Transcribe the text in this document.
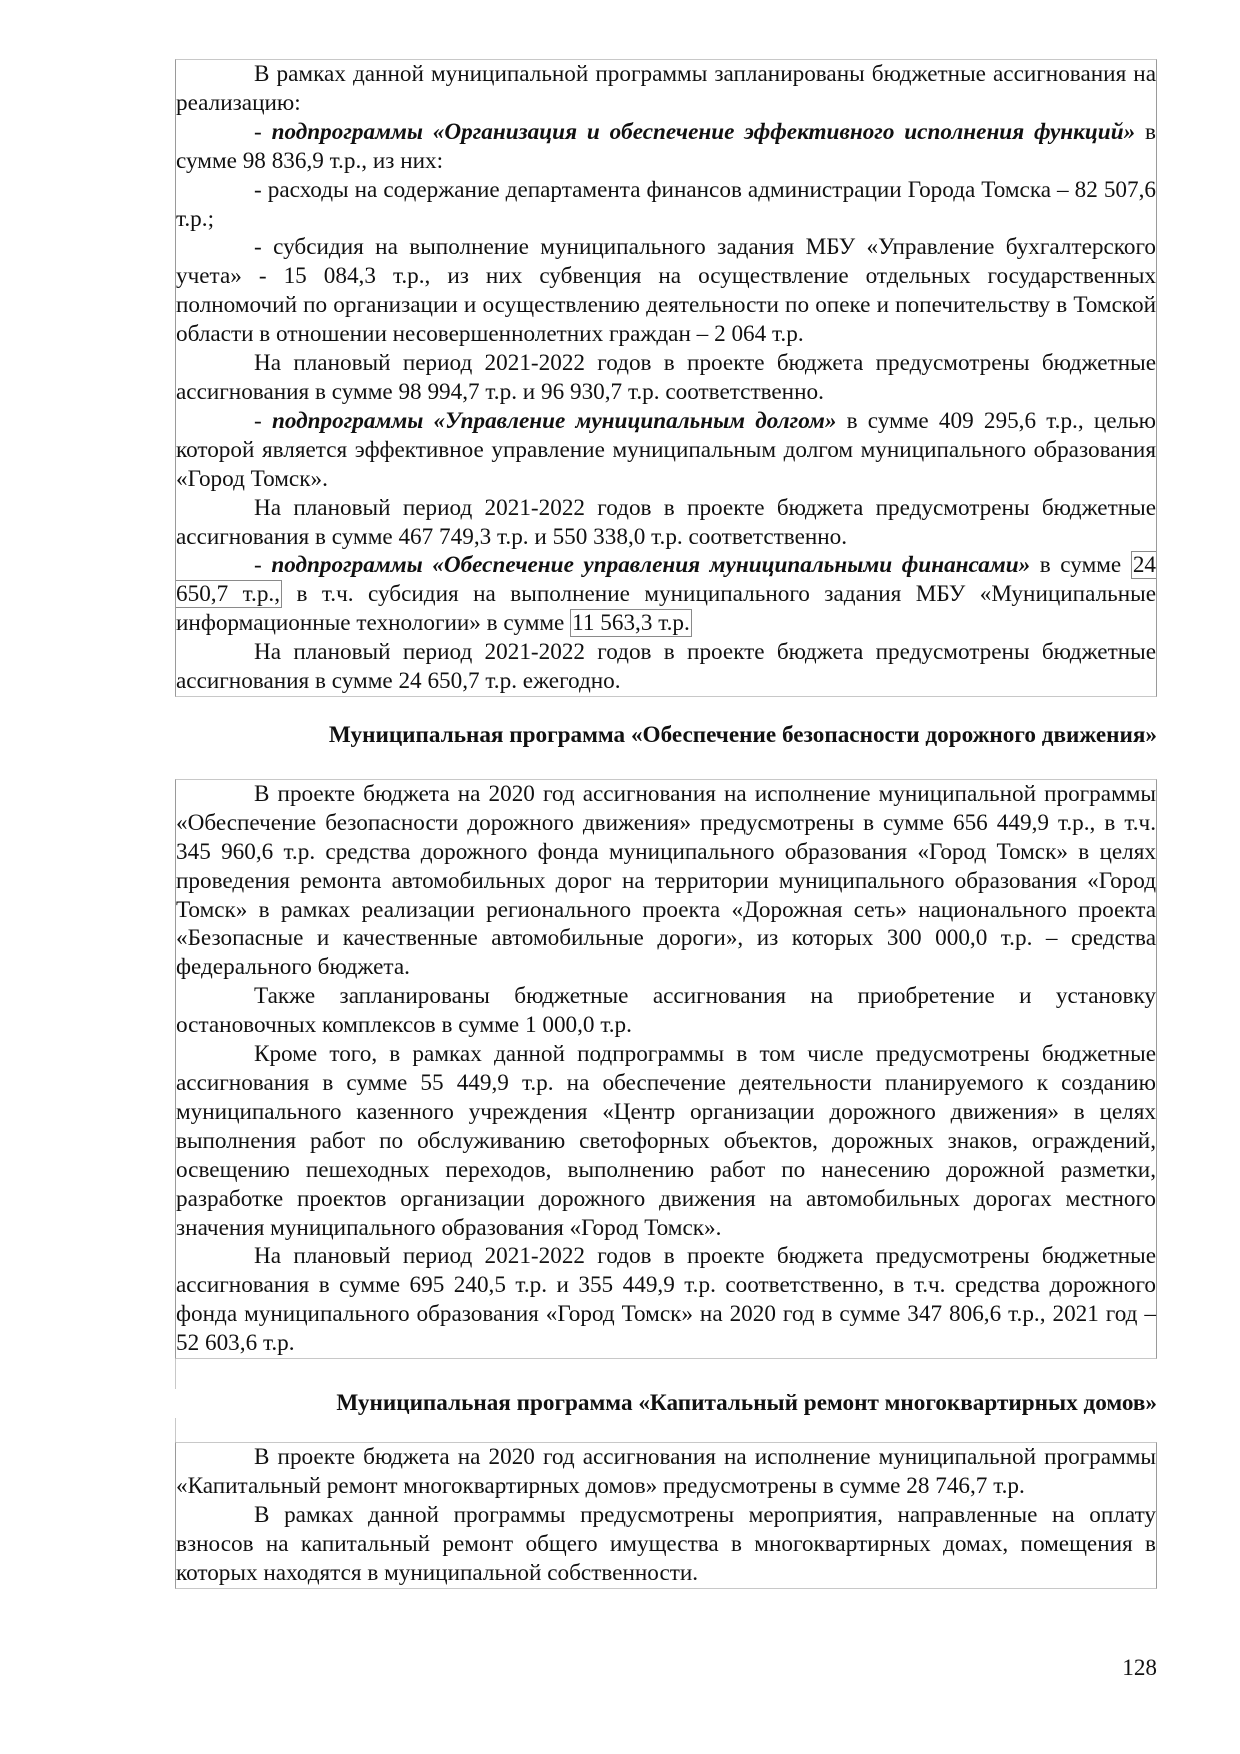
В рамках данной муниципальной программы запланированы бюджетные ассигнования на реализацию:

- подпрограммы «Организация и обеспечение эффективного исполнения функций» в сумме 98 836,9 т.р., из них:

- расходы на содержание департамента финансов администрации Города Томска – 82 507,6 т.р.;

- субсидия на выполнение муниципального задания МБУ «Управление бухгалтерского учета» - 15 084,3 т.р., из них субвенция на осуществление отдельных государственных полномочий по организации и осуществлению деятельности по опеке и попечительству в Томской области в отношении несовершеннолетних граждан – 2 064 т.р.

На плановый период 2021-2022 годов в проекте бюджета предусмотрены бюджетные ассигнования в сумме 98 994,7 т.р. и 96 930,7 т.р. соответственно.

- подпрограммы «Управление муниципальным долгом» в сумме 409 295,6 т.р., целью которой является эффективное управление муниципальным долгом муниципального образования «Город Томск».

На плановый период 2021-2022 годов в проекте бюджета предусмотрены бюджетные ассигнования в сумме 467 749,3 т.р. и 550 338,0 т.р. соответственно.

- подпрограммы «Обеспечение управления муниципальными финансами» в сумме 24 650,7 т.р., в т.ч. субсидия на выполнение муниципального задания МБУ «Муниципальные информационные технологии» в сумме 11 563,3 т.р.

На плановый период 2021-2022 годов в проекте бюджета предусмотрены бюджетные ассигнования в сумме 24 650,7 т.р. ежегодно.

Муниципальная программа «Обеспечение безопасности дорожного движения»

В проекте бюджета на 2020 год ассигнования на исполнение муниципальной программы «Обеспечение безопасности дорожного движения» предусмотрены в сумме 656 449,9 т.р., в т.ч. 345 960,6 т.р. средства дорожного фонда муниципального образования «Город Томск» в целях проведения ремонта автомобильных дорог на территории муниципального образования «Город Томск» в рамках реализации регионального проекта «Дорожная сеть» национального проекта «Безопасные и качественные автомобильные дороги», из которых 300 000,0 т.р. – средства федерального бюджета.

Также запланированы бюджетные ассигнования на приобретение и установку остановочных комплексов в сумме 1 000,0 т.р.

Кроме того, в рамках данной подпрограммы в том числе предусмотрены бюджетные ассигнования в сумме 55 449,9 т.р. на обеспечение деятельности планируемого к созданию муниципального казенного учреждения «Центр организации дорожного движения» в целях выполнения работ по обслуживанию светофорных объектов, дорожных знаков, ограждений, освещению пешеходных переходов, выполнению работ по нанесению дорожной разметки, разработке проектов организации дорожного движения на автомобильных дорогах местного значения муниципального образования «Город Томск».

На плановый период 2021-2022 годов в проекте бюджета предусмотрены бюджетные ассигнования в сумме 695 240,5 т.р. и 355 449,9 т.р. соответственно, в т.ч. средства дорожного фонда муниципального образования «Город Томск» на 2020 год в сумме 347 806,6 т.р., 2021 год – 52 603,6 т.р.

Муниципальная программа «Капитальный ремонт многоквартирных домов»

В проекте бюджета на 2020 год ассигнования на исполнение муниципальной программы «Капитальный ремонт многоквартирных домов» предусмотрены в сумме 28 746,7 т.р.

В рамках данной программы предусмотрены мероприятия, направленные на оплату взносов на капитальный ремонт общего имущества в многоквартирных домах, помещения в которых находятся в муниципальной собственности.

128
